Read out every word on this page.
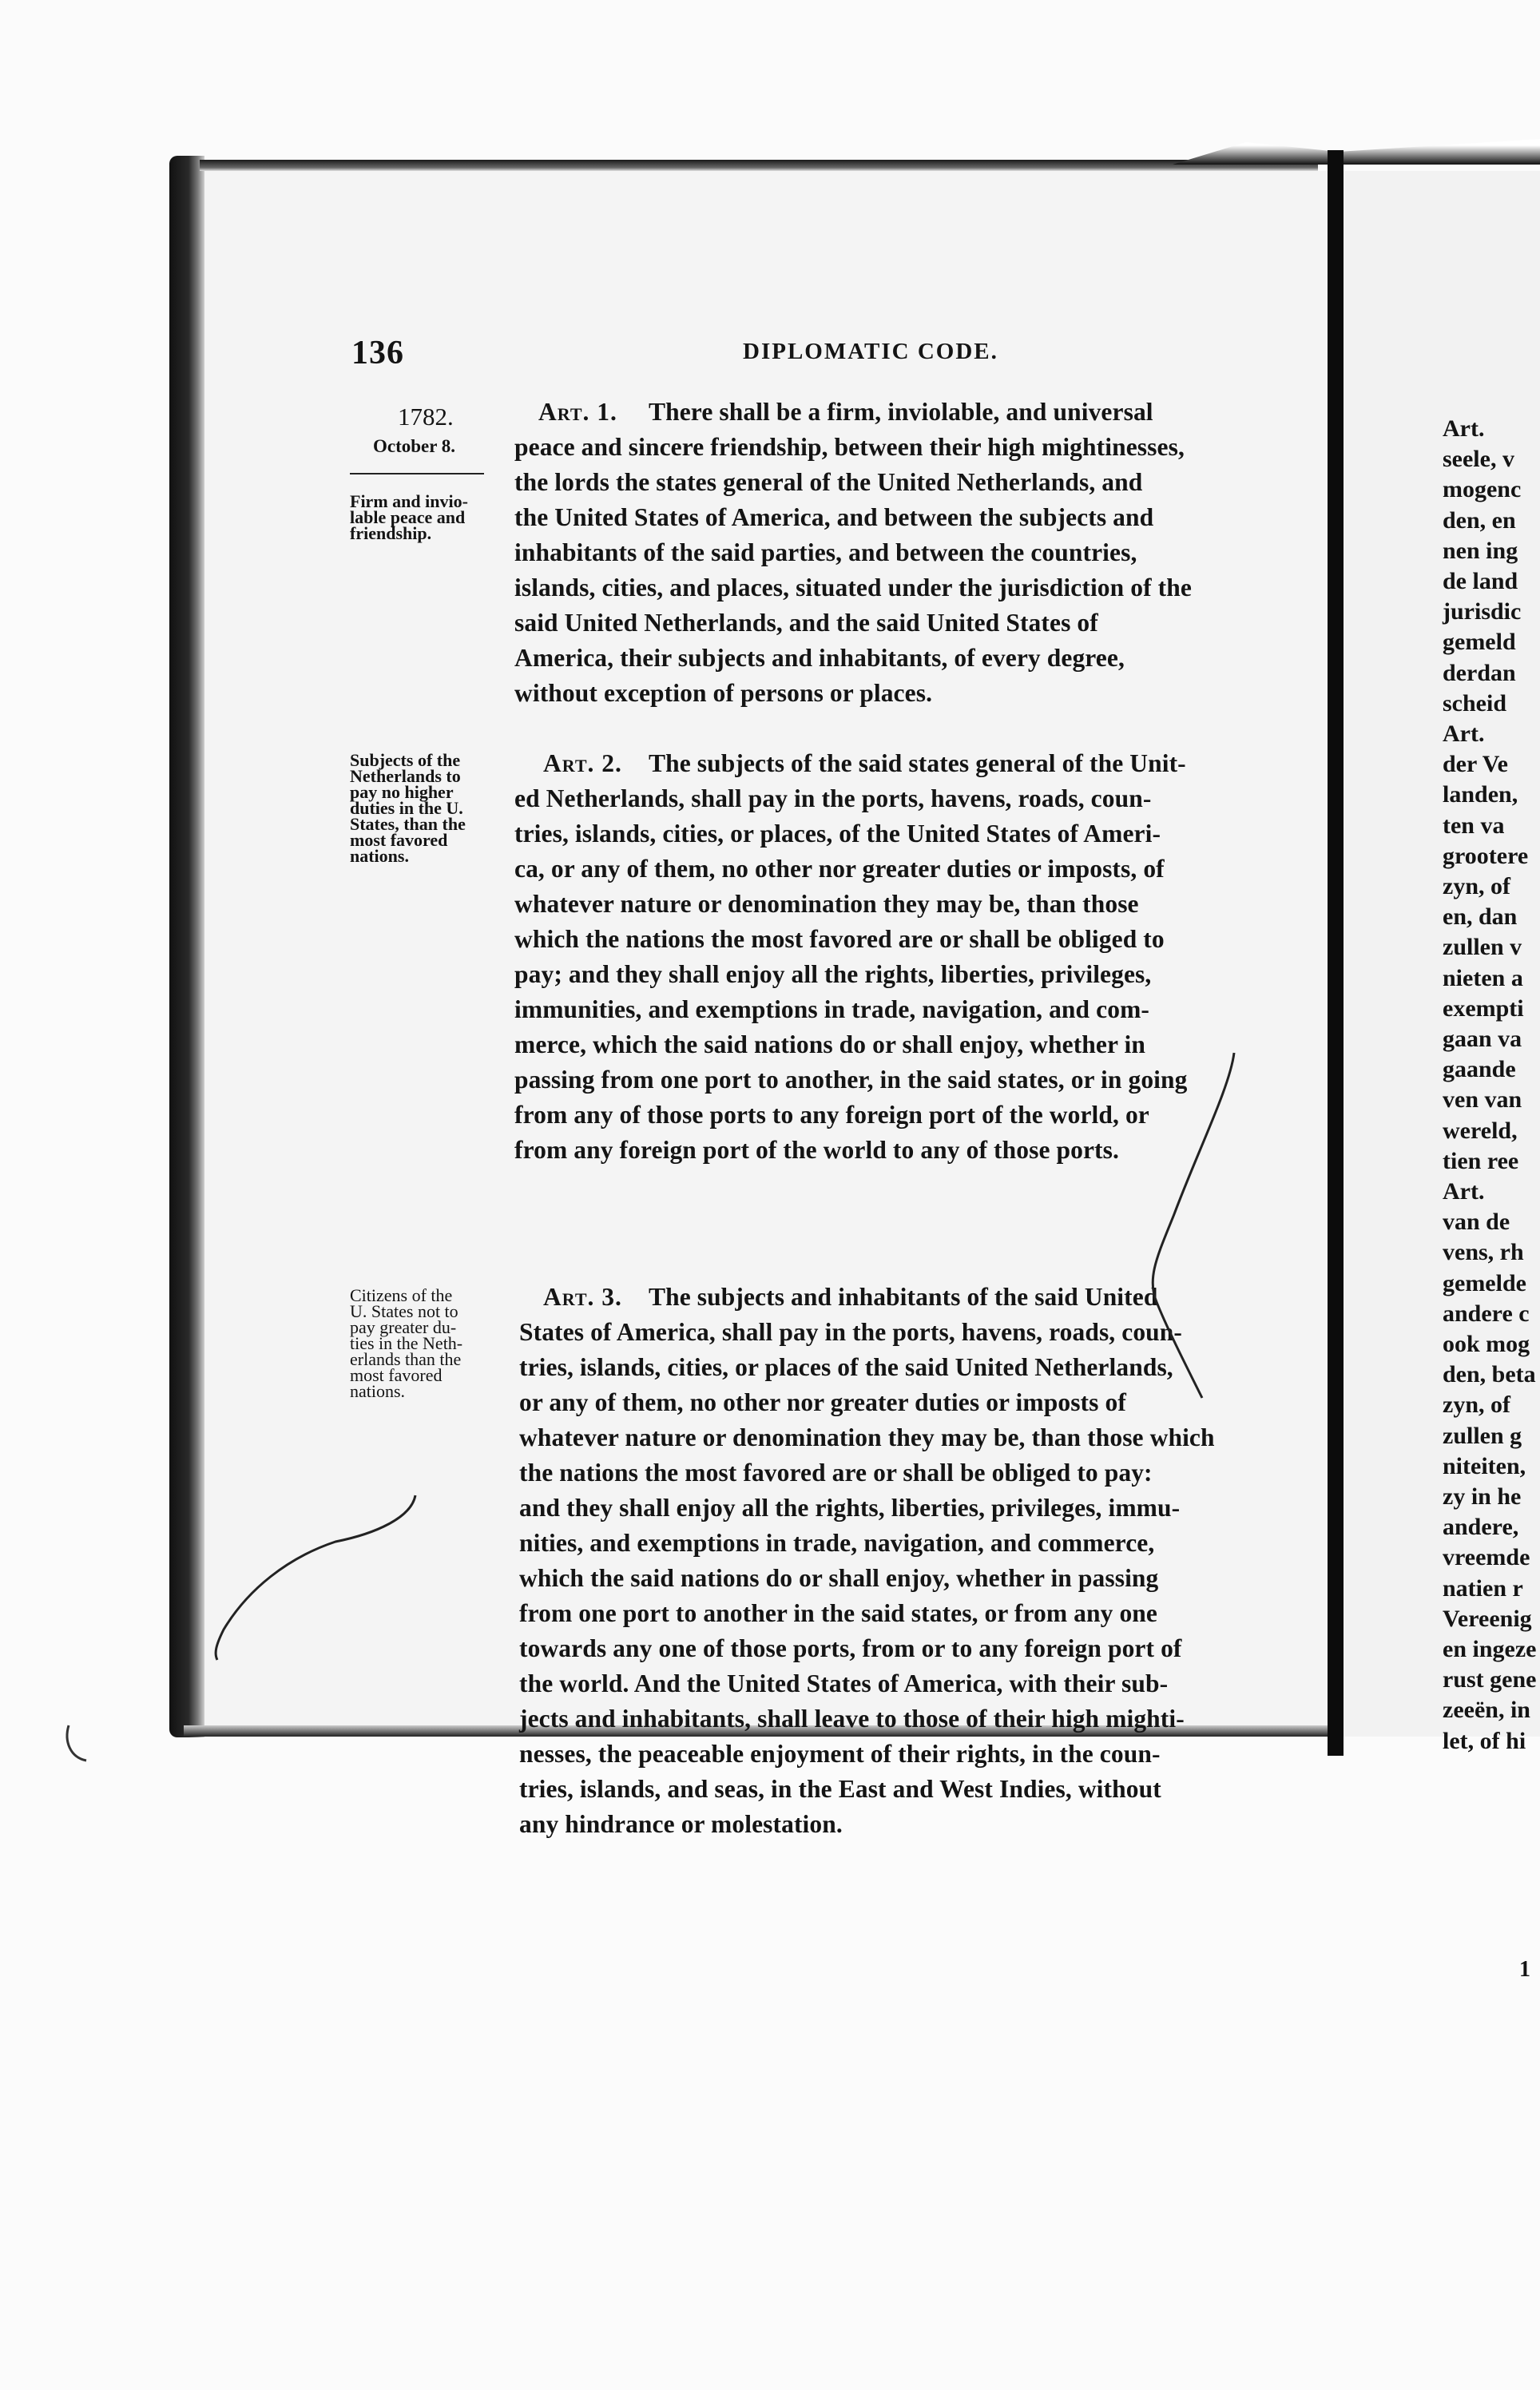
136	DIPLOMATIC CODE.
1782.
October 8.
Firm and invio-
lable peace and
friendship.
Subjects of the
Netherlands to
pay no higher
duties in the U.
States, than the
most favored
nations.
Citizens of the
U. States not to
pay greater du-
ties in the Neth-
erlands than the
most favored
nations.
Art. 1. There shall be a firm, inviolable, and universal
peace and sincere friendship, between their high mightinesses,
the lords the states general of the United Netherlands, and
the United States of America, and between the subjects and
inhabitants of the said parties, and between the countries,
islands, cities, and places, situated under the jurisdiction of the
said United Netherlands, and the said United States of
America, their subjects and inhabitants, of every degree,
without exception of persons or places.
Art. 2. The subjects of the said states general of the Unit-
ed Netherlands, shall pay in the ports, havens, roads, coun-
tries, islands, cities, or places, of the United States of Ameri-
ca, or any of them, no other nor greater duties or imposts, of
whatever nature or denomination they may be, than those
which the nations the most favored are or shall be obliged to
pay; and they shall enjoy all the rights, liberties, privileges,
immunities, and exemptions in trade, navigation, and com-
merce, which the said nations do or shall enjoy, whether in
passing from one port to another, in the said states, or in going
from any of those ports to any foreign port of the world, or
from any foreign port of the world to any of those ports.
Art. 3. The subjects and inhabitants of the said United
States of America, shall pay in the ports, havens, roads, coun-
tries, islands, cities, or places of the said United Netherlands,
or any of them, no other nor greater duties or imposts of
whatever nature or denomination they may be, than those which
the nations the most favored are or shall be obliged to pay:
and they shall enjoy all the rights, liberties, privileges, immu-
nities, and exemptions in trade, navigation, and commerce,
which the said nations do or shall enjoy, whether in passing
from one port to another in the said states, or from any one
towards any one of those ports, from or to any foreign port of
the world. And the United States of America, with their sub-
jects and inhabitants, shall leave to those of their high mighti-
nesses, the peaceable enjoyment of their rights, in the coun-
tries, islands, and seas, in the East and West Indies, without
any hindrance or molestation.
Art.
seele, v
mogenc
den, en
nen ing
de land
jurisdic
gemeld
derdan
scheid
Art.
der Ve
landen,
ten va
grootere
zyn, of
en, dan
zullen v
nieten a
exempti
gaan va
gaande
ven van
wereld,
tien ree
Art.
van de
vens, rh
gemelde
andere c
ook mog
den, beta
zyn, of
zullen g
niteiten,
zy in he
andere,
vreemde
natien r
Vereenig
en ingeze
rust gene
zeeën, in
let, of hi
1
